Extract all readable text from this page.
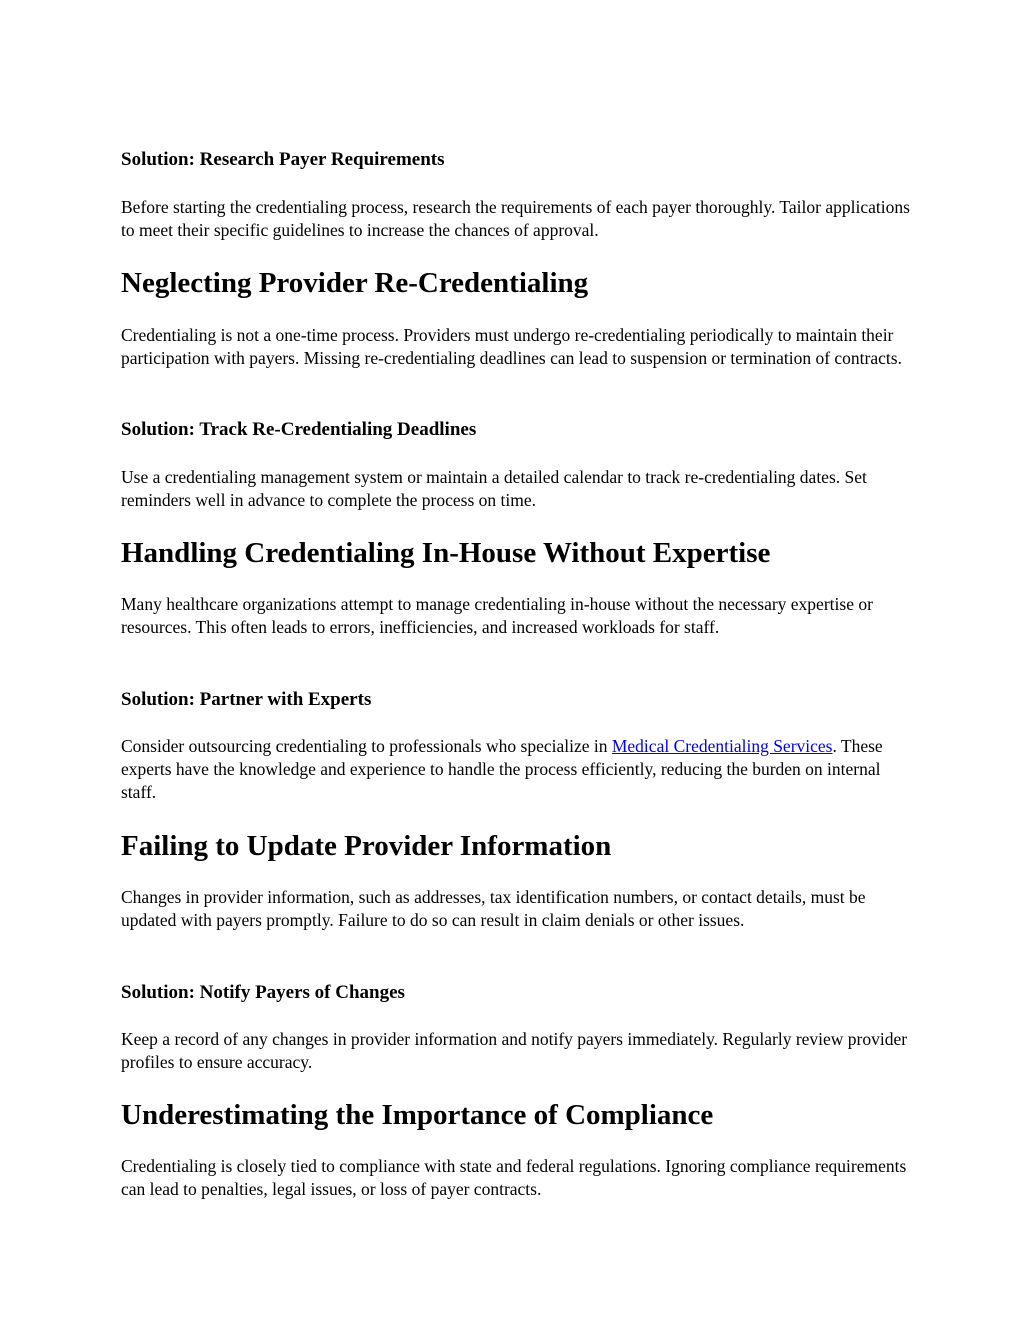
Solution: Research Payer Requirements

Before starting the credentialing process, research the requirements of each payer thoroughly. Tailor applications to meet their specific guidelines to increase the chances of approval.

Neglecting Provider Re-Credentialing

Credentialing is not a one-time process. Providers must undergo re-credentialing periodically to maintain their participation with payers. Missing re-credentialing deadlines can lead to suspension or termination of contracts.

Solution: Track Re-Credentialing Deadlines

Use a credentialing management system or maintain a detailed calendar to track re-credentialing dates. Set reminders well in advance to complete the process on time.

Handling Credentialing In-House Without Expertise

Many healthcare organizations attempt to manage credentialing in-house without the necessary expertise or resources. This often leads to errors, inefficiencies, and increased workloads for staff.

Solution: Partner with Experts

Consider outsourcing credentialing to professionals who specialize in Medical Credentialing Services. These experts have the knowledge and experience to handle the process efficiently, reducing the burden on internal staff.

Failing to Update Provider Information

Changes in provider information, such as addresses, tax identification numbers, or contact details, must be updated with payers promptly. Failure to do so can result in claim denials or other issues.

Solution: Notify Payers of Changes

Keep a record of any changes in provider information and notify payers immediately. Regularly review provider profiles to ensure accuracy.

Underestimating the Importance of Compliance

Credentialing is closely tied to compliance with state and federal regulations. Ignoring compliance requirements can lead to penalties, legal issues, or loss of payer contracts.
